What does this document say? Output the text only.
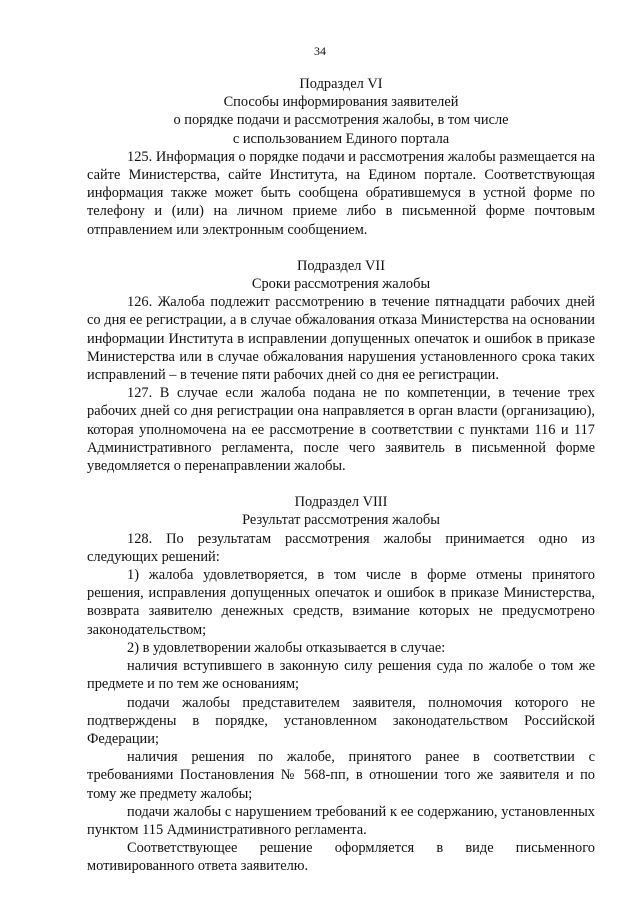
34

Подраздел VI

Способы информирования заявителей

о порядке подачи и рассмотрения жалобы, в том числе

с использованием Единого портала

125. Информация о порядке подачи и рассмотрения жалобы размещается на сайте Министерства, сайте Института, на Едином портале. Соответствующая информация также может быть сообщена обратившемуся в устной форме по телефону и (или) на личном приеме либо в письменной форме почтовым отправлением или электронным сообщением.

Подраздел VII

Сроки рассмотрения жалобы

126. Жалоба подлежит рассмотрению в течение пятнадцати рабочих дней со дня ее регистрации, а в случае обжалования отказа Министерства на основании информации Института в исправлении допущенных опечаток и ошибок в приказе Министерства или в случае обжалования нарушения установленного срока таких исправлений – в течение пяти рабочих дней со дня ее регистрации.

127. В случае если жалоба подана не по компетенции, в течение трех рабочих дней со дня регистрации она направляется в орган власти (организацию), которая уполномочена на ее рассмотрение в соответствии с пунктами 116 и 117 Административного регламента, после чего заявитель в письменной форме уведомляется о перенаправлении жалобы.

Подраздел VIII

Результат рассмотрения жалобы

128. По результатам рассмотрения жалобы принимается одно из следующих решений:

1) жалоба удовлетворяется, в том числе в форме отмены принятого решения, исправления допущенных опечаток и ошибок в приказе Министерства, возврата заявителю денежных средств, взимание которых не предусмотрено законодательством;

2) в удовлетворении жалобы отказывается в случае:

наличия вступившего в законную силу решения суда по жалобе о том же предмете и по тем же основаниям;

подачи жалобы представителем заявителя, полномочия которого не подтверждены в порядке, установленном законодательством Российской Федерации;

наличия решения по жалобе, принятого ранее в соответствии с требованиями Постановления № 568-пп, в отношении того же заявителя и по тому же предмету жалобы;

подачи жалобы с нарушением требований к ее содержанию, установленных пунктом 115 Административного регламента.

Соответствующее решение оформляется в виде письменного мотивированного ответа заявителю.
